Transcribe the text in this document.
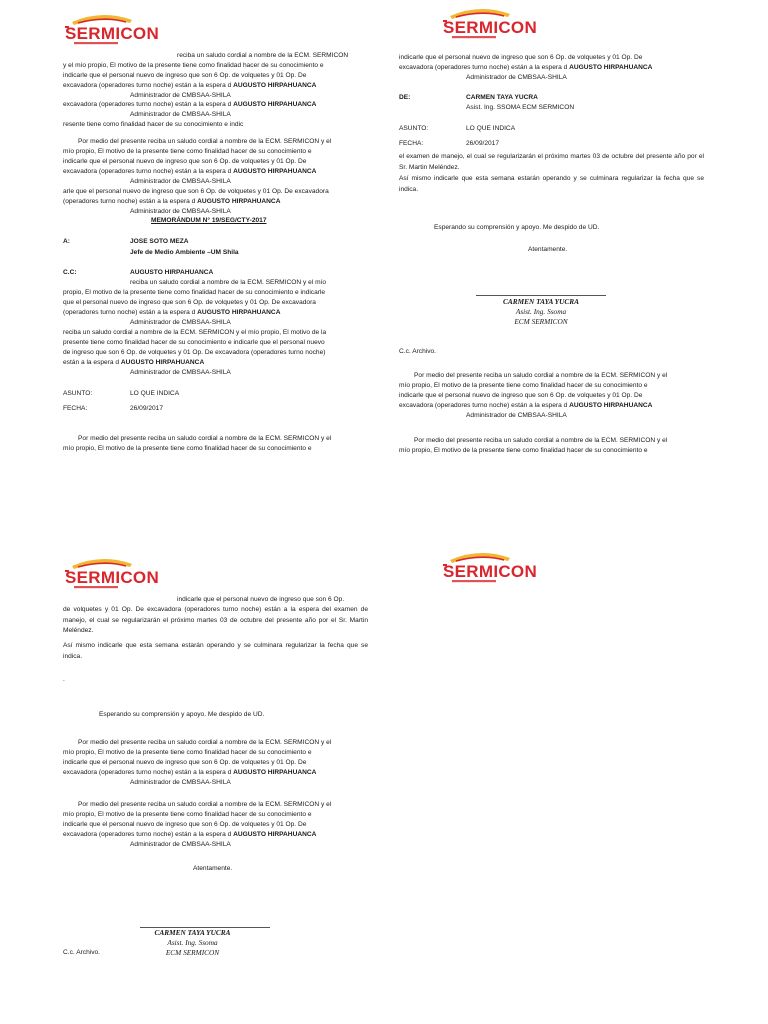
reciba un saludo cordial a nombre de la ECM. SERMICON
y el mío propio, El motivo de la presente tiene como finalidad hacer de su conocimiento e
indicarle que el personal nuevo de ingreso que son 6 Op. de volquetes y 01 Op. De
excavadora (operadores turno noche) están a la espera d AUGUSTO HIRPAHUANCA
Administrador de CMBSAA-SHILA
excavadora (operadores turno noche) están a la espera d AUGUSTO HIRPAHUANCA
Administrador de CMBSAA-SHILA
resente tiene como finalidad hacer de su conocimiento e indic
Por medio del presente reciba un saludo cordial a nombre de la ECM. SERMICON y el
mío propio, El motivo de la presente tiene como finalidad hacer de su conocimiento e
indicarle que el personal nuevo de ingreso que son 6 Op. de volquetes y 01 Op. De
excavadora (operadores turno noche) están a la espera d AUGUSTO HIRPAHUANCA
Administrador de CMBSAA-SHILA
arle que el personal nuevo de ingreso que son 6 Op. de volquetes y 01 Op. De excavadora
(operadores turno noche) están a la espera d AUGUSTO HIRPAHUANCA
Administrador de CMBSAA-SHILA
MEMORÁNDUM N° 19/SEG/CTY-2017
A:	JOSE SOTO MEZA
Jefe de Medio Ambiente –UM Shila
C.C:	AUGUSTO HIRPAHUANCA
reciba un saludo cordial a nombre de la ECM. SERMICON y el mío
propio, El motivo de la presente tiene como finalidad hacer de su conocimiento e indicarle
que el personal nuevo de ingreso que son 6 Op. de volquetes y 01 Op. De excavadora
(operadores turno noche) están a la espera d AUGUSTO HIRPAHUANCA
Administrador de CMBSAA-SHILA
reciba un saludo cordial a nombre de la ECM. SERMICON y el mío propio, El motivo de la
presente tiene como finalidad hacer de su conocimiento e indicarle que el personal nuevo
de ingreso que son 6 Op. de volquetes y 01 Op. De excavadora (operadores turno noche)
están a la espera d AUGUSTO HIRPAHUANCA
Administrador de CMBSAA-SHILA
ASUNTO:	LO QUE INDICA
FECHA:	26/09/2017
Por medio del presente reciba un saludo cordial a nombre de la ECM. SERMICON y el
mío propio, El motivo de la presente tiene como finalidad hacer de su conocimiento e
indicarle que el personal nuevo de ingreso que son 6 Op. de volquetes y 01 Op. De
excavadora (operadores turno noche) están a la espera d AUGUSTO HIRPAHUANCA
Administrador de CMBSAA-SHILA
DE:	CARMEN TAYA YUCRA
Asist. Ing. SSOMA ECM SERMICON
ASUNTO:	LO QUE INDICA
FECHA:	26/09/2017
el examen de manejo, el cual se regularizarán el próximo martes 03 de octubre del presente año por el Sr. Martin Meléndez.
Así mismo indicarle que esta semana estarán operando y se culminara regularizar la fecha que se indica.
Esperando su comprensión y apoyo. Me despido de UD.
Atentamente.
CARMEN TAYA YUCRA
Asist. Ing. Ssoma
ECM SERMICON
C.c. Archivo.
Por medio del presente reciba un saludo cordial a nombre de la ECM. SERMICON y el
mío propio, El motivo de la presente tiene como finalidad hacer de su conocimiento e
indicarle que el personal nuevo de ingreso que son 6 Op. de volquetes y 01 Op. De
excavadora (operadores turno noche) están a la espera d AUGUSTO HIRPAHUANCA
Administrador de CMBSAA-SHILA
Por medio del presente reciba un saludo cordial a nombre de la ECM. SERMICON y el
mío propio, El motivo de la presente tiene como finalidad hacer de su conocimiento e
indicarle que el personal nuevo de ingreso que son 6 Op.
de volquetes y 01 Op. De excavadora (operadores turno noche) están a la espera del examen de manejo, el cual se regularizarán el próximo martes 03 de octubre del presente año por el Sr. Martin Meléndez.
Así mismo indicarle que esta semana estarán operando y se culminara regularizar la fecha que se indica.
.
Esperando su comprensión y apoyo. Me despido de UD.
Por medio del presente reciba un saludo cordial a nombre de la ECM. SERMICON y el
mío propio, El motivo de la presente tiene como finalidad hacer de su conocimiento e
indicarle que el personal nuevo de ingreso que son 6 Op. de volquetes y 01 Op. De
excavadora (operadores turno noche) están a la espera d AUGUSTO HIRPAHUANCA
Administrador de CMBSAA-SHILA
Por medio del presente reciba un saludo cordial a nombre de la ECM. SERMICON y el
mío propio, El motivo de la presente tiene como finalidad hacer de su conocimiento e
indicarle que el personal nuevo de ingreso que son 6 Op. de volquetes y 01 Op. De
excavadora (operadores turno noche) están a la espera d AUGUSTO HIRPAHUANCA
Administrador de CMBSAA-SHILA
Atentamente.
CARMEN TAYA YUCRA
Asist. Ing. Ssoma
ECM SERMICON
C.c. Archivo.
